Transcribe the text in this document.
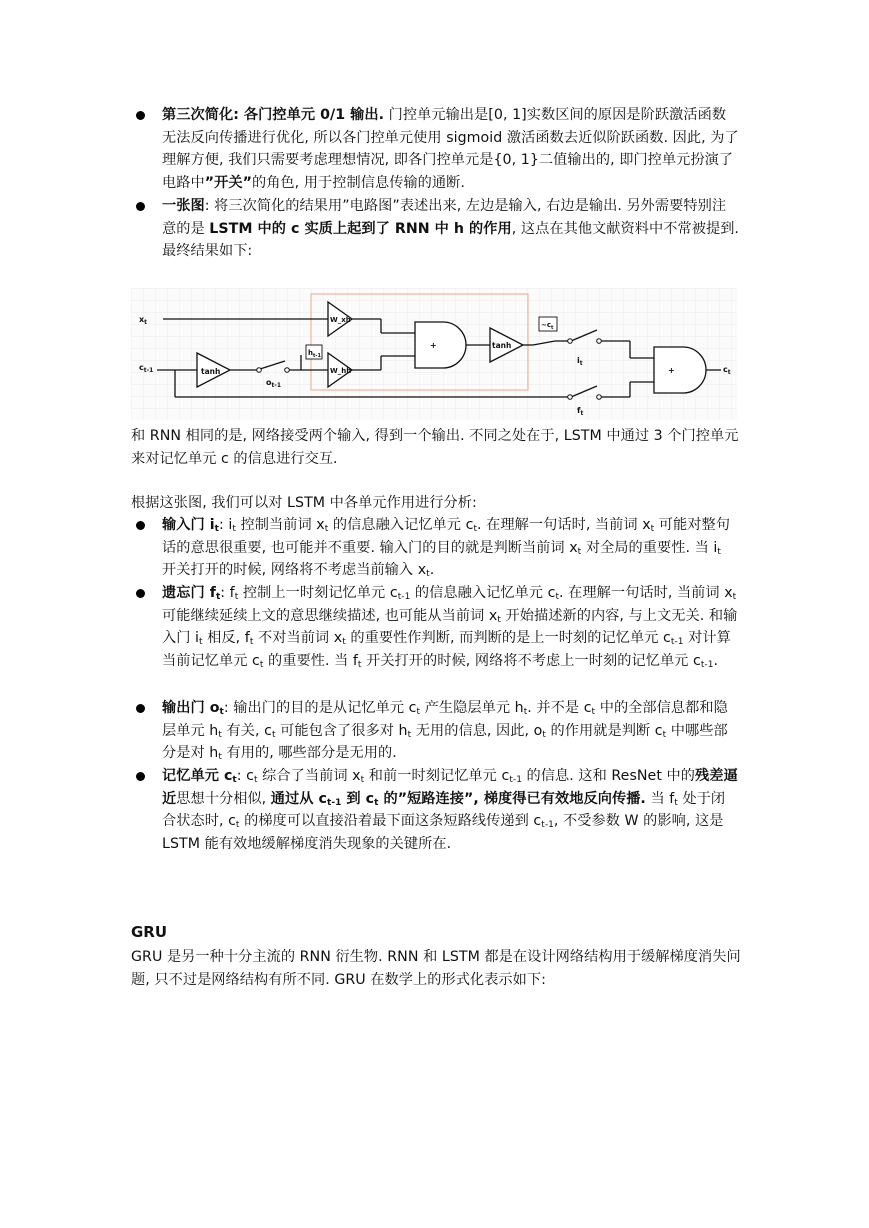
第三次简化: 各门控单元 0/1 输出. 门控单元输出是[0, 1]实数区间的原因是阶跃激活函数无法反向传播进行优化, 所以各门控单元使用 sigmoid 激活函数去近似阶跃函数. 因此, 为了理解方便, 我们只需要考虑理想情况, 即各门控单元是{0, 1}二值输出的, 即门控单元扮演了电路中”开关”的角色, 用于控制信息传输的通断.
一张图: 将三次简化的结果用”电路图”表述出来, 左边是输入, 右边是输出. 另外需要特别注意的是 LSTM 中的 c 实质上起到了 RNN 中 h 的作用, 这点在其他文献资料中不常被提到. 最终结果如下:
$x_t$
$c_{t-1}$	tanh
$o_{t-1}$
$h_{t-1}$
W_xh
W_hh
+	tanh
$\sim c_t$
$i_t$
$f_t$
+	$c_t$
和 RNN 相同的是, 网络接受两个输入, 得到一个输出. 不同之处在于, LSTM 中通过 3 个门控单元来对记忆单元 c 的信息进行交互.
根据这张图, 我们可以对 LSTM 中各单元作用进行分析:
输入门 $i_t$: $i_t$ 控制当前词 $x_t$ 的信息融入记忆单元 $c_t$. 在理解一句话时, 当前词 $x_t$ 可能对整句话的意思很重要, 也可能并不重要. 输入门的目的就是判断当前词 $x_t$ 对全局的重要性. 当 $i_t$ 开关打开的时候, 网络将不考虑当前输入 $x_t$.
遗忘门 $f_t$: $f_t$ 控制上一时刻记忆单元 $c_{t-1}$ 的信息融入记忆单元 $c_t$. 在理解一句话时, 当前词 $x_t$ 可能继续延续上文的意思继续描述, 也可能从当前词 $x_t$ 开始描述新的内容, 与上文无关. 和输入门 $i_t$ 相反, $f_t$ 不对当前词 $x_t$ 的重要性作判断, 而判断的是上一时刻的记忆单元 $c_{t-1}$ 对计算当前记忆单元 $c_t$ 的重要性. 当 $f_t$ 开关打开的时候, 网络将不考虑上一时刻的记忆单元 $c_{t-1}$.
输出门 $o_t$: 输出门的目的是从记忆单元 $c_t$ 产生隐层单元 $h_t$. 并不是 $c_t$ 中的全部信息都和隐层单元 $h_t$ 有关, $c_t$ 可能包含了很多对 $h_t$ 无用的信息, 因此, $o_t$ 的作用就是判断 $c_t$ 中哪些部分是对 $h_t$ 有用的, 哪些部分是无用的.
记忆单元 $c_t$: $c_t$ 综合了当前词 $x_t$ 和前一时刻记忆单元 $c_{t-1}$ 的信息. 这和 ResNet 中的残差逼近思想十分相似, 通过从 $c_{t-1}$ 到 $c_t$ 的”短路连接”, 梯度得已有效地反向传播. 当 $f_t$ 处于闭合状态时, $c_t$ 的梯度可以直接沿着最下面这条短路线传递到 $c_{t-1}$, 不受参数 W 的影响, 这是 LSTM 能有效地缓解梯度消失现象的关键所在.
GRU
GRU 是另一种十分主流的 RNN 衍生物. RNN 和 LSTM 都是在设计网络结构用于缓解梯度消失问题, 只不过是网络结构有所不同. GRU 在数学上的形式化表示如下:
